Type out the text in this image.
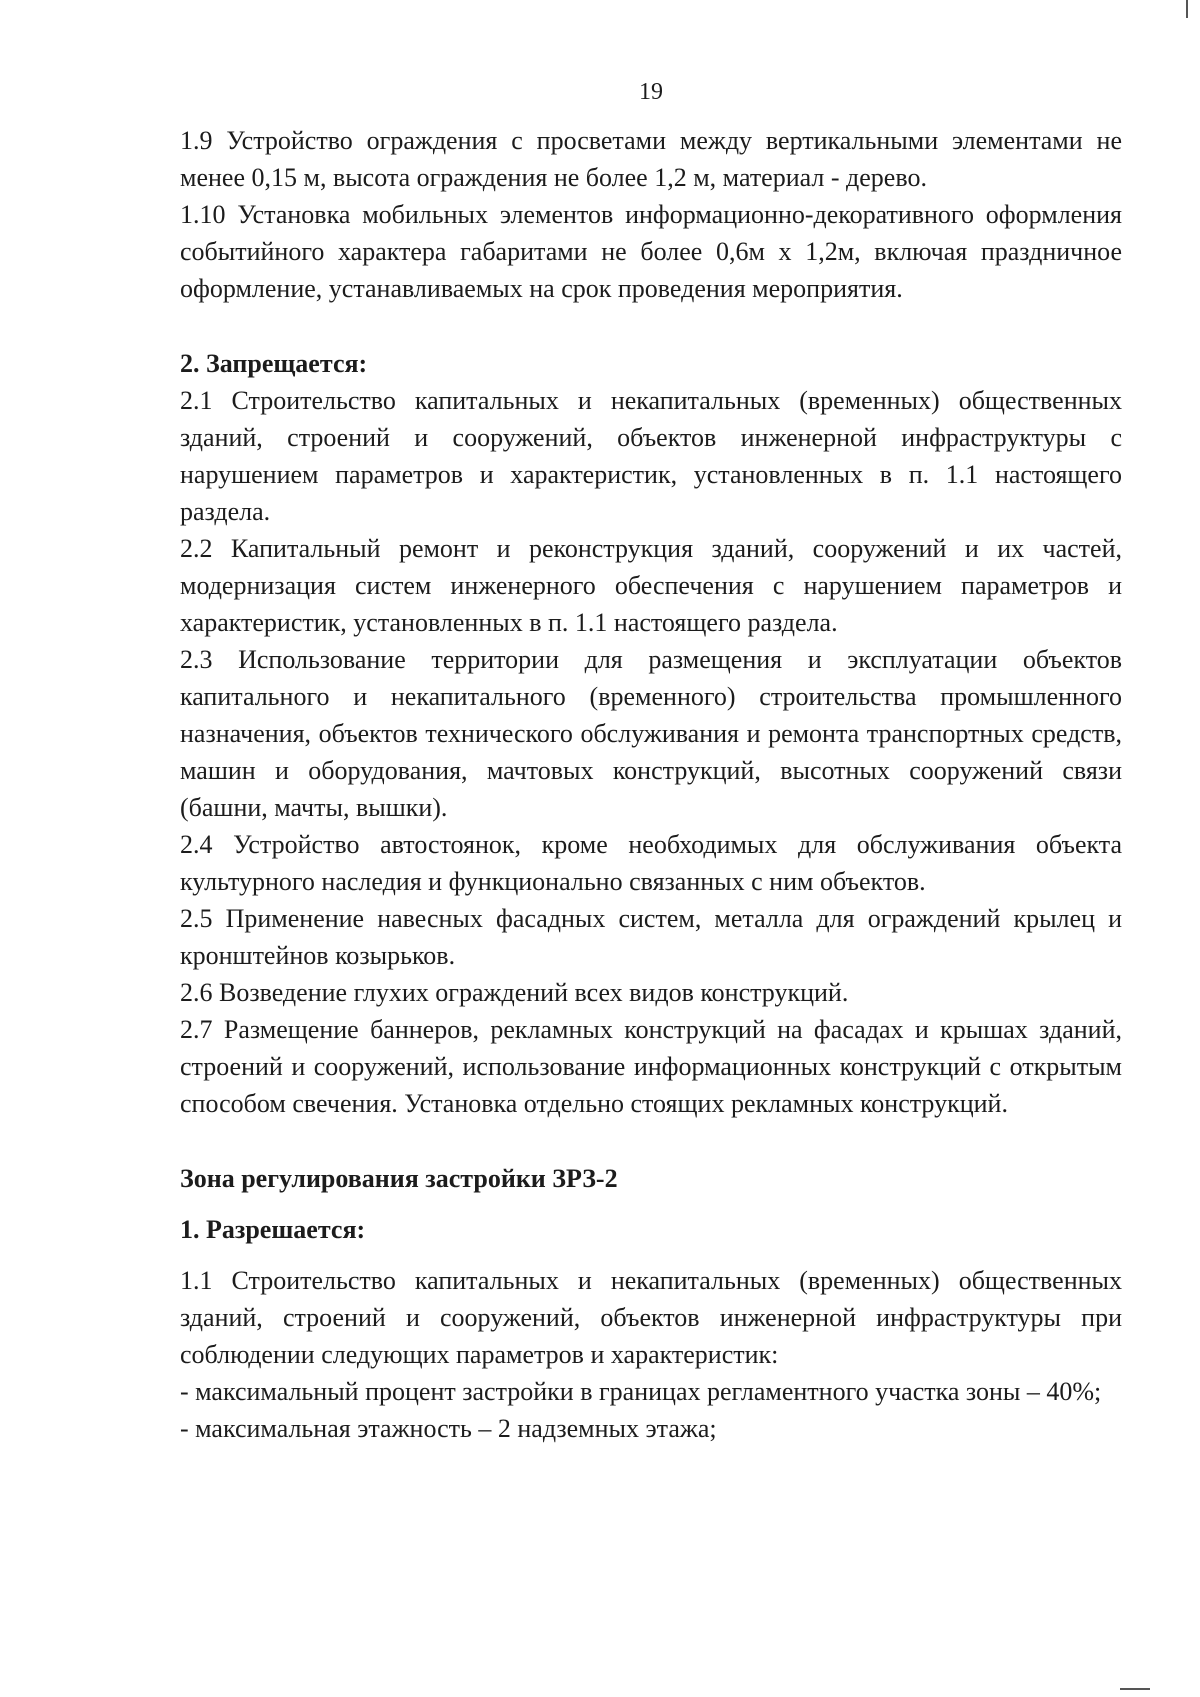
19

1.9 Устройство ограждения с просветами между вертикальными элементами не менее 0,15 м, высота ограждения не более 1,2 м, материал - дерево.

1.10 Установка мобильных элементов информационно-декоративного оформления событийного характера габаритами не более 0,6м х 1,2м, включая праздничное оформление, устанавливаемых на срок проведения мероприятия.

2. Запрещается:

2.1 Строительство капитальных и некапитальных (временных) общественных зданий, строений и сооружений, объектов инженерной инфраструктуры с нарушением параметров и характеристик, установленных в п. 1.1 настоящего раздела.

2.2 Капитальный ремонт и реконструкция зданий, сооружений и их частей, модернизация систем инженерного обеспечения с нарушением параметров и характеристик, установленных в п. 1.1 настоящего раздела.

2.3 Использование территории для размещения и эксплуатации объектов капитального и некапитального (временного) строительства промышленного назначения, объектов технического обслуживания и ремонта транспортных средств, машин и оборудования, мачтовых конструкций, высотных сооружений связи (башни, мачты, вышки).

2.4 Устройство автостоянок, кроме необходимых для обслуживания объекта культурного наследия и функционально связанных с ним объектов.

2.5 Применение навесных фасадных систем, металла для ограждений крылец и кронштейнов козырьков.

2.6 Возведение глухих ограждений всех видов конструкций.

2.7 Размещение баннеров, рекламных конструкций на фасадах и крышах зданий, строений и сооружений, использование информационных конструкций с открытым способом свечения. Установка отдельно стоящих рекламных конструкций.

Зона регулирования застройки ЗРЗ-2

1. Разрешается:

1.1 Строительство капитальных и некапитальных (временных) общественных зданий, строений и сооружений, объектов инженерной инфраструктуры при соблюдении следующих параметров и характеристик:

- максимальный процент застройки в границах регламентного участка зоны – 40%;

- максимальная этажность – 2 надземных этажа;
